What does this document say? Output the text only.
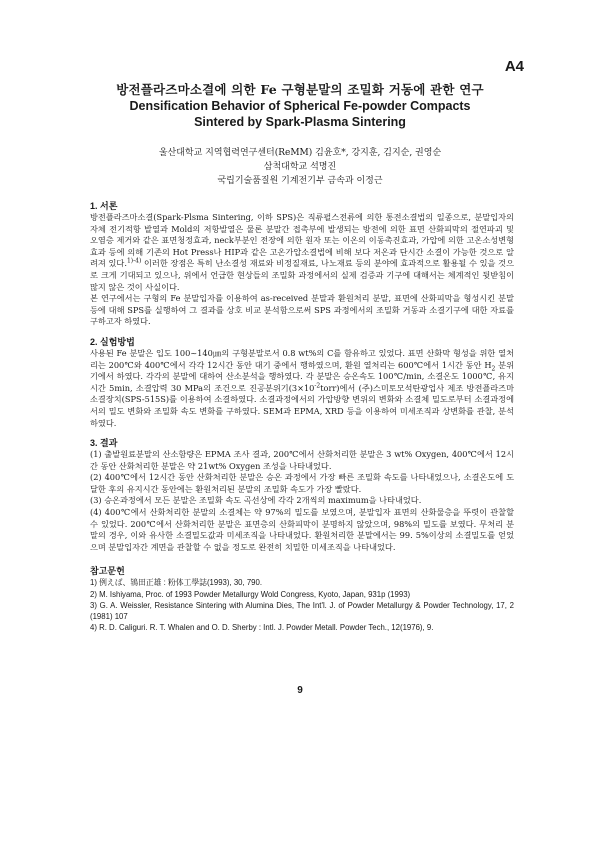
A4
방전플라즈마소결에 의한 Fe 구형분말의 조밀화 거동에 관한 연구
Densification Behavior of Spherical Fe-powder Compacts
Sintered by Spark-Plasma Sintering
울산대학교 지역협력연구센터(ReMM) 김윤호*, 강지훈, 김지순, 권영순
삼척대학교 석명진
국립기술품질원 기계전기부 금속과 이정근
1. 서론

방전플라즈마소결(Spark-Plsma Sintering, 이하 SPS)은 직류펄스전류에 의한 통전소결법의 일종으로, 분말입자의 자체 전기적항 발열과 Mold의 저항발열은 물론 분말간 접촉부에 발생되는 방전에 의한 표면 산화피막의 절연파괴 및 오염층 제거와 같은 표면청정효과, neck부분인 전장에 의한 원자 또는 이온의 이동촉진효과, 가압에 의한 고온소성변형효과 등에 의해 기존의 Hot Press나 HIP과 같은 고온가압소결법에 비해 보다 저온과 단시간 소결이 가능한 것으로 알려져 있다.$^{1)-4)}$ 이러한 장점은 특히 난소결성 재료와 비정질재료, 나노재료 등의 분야에 효과적으로 활용될 수 있을 것으로 크게 기대되고 있으나, 위에서 언급한 현상들의 조밀화 과정에서의 실제 검증과 기구에 대해서는 체계적인 뒷받침이 많지 않은 것이 사실이다.

본 연구에서는 구형의 Fe 분말입자를 이용하여 as-received 분말과 환원처리 분말, 표면에 산화피막을 형성시킨 분말 등에 대해 SPS를 실행하여 그 결과를 상호 비교 분석함으로써 SPS 과정에서의 조밀화 거동과 소결기구에 대한 자료를 구하고자 하였다.

2. 실험방법

사용된 Fe 분말은 입도 100~140㎛의 구형분말로서 0.8 wt%의 C를 함유하고 있었다. 표면 산화막 형성을 위한 열처리는 200℃와 400℃에서 각각 12시간 동안 대기 중에서 행하였으며, 환원 열처리는 600℃에서 1시간 동안 $H_2$ 분위기에서 하였다. 각각의 분말에 대하여 산소분석을 행하였다. 각 분말은 승온속도 100℃/min, 소결온도 1000℃, 유지시간 5min, 소결압력 30 MPa의 조건으로 진공분위기$(3\times 10^{-2}torr)$에서 (주)스미토모석탄광업사 제조 방전플라즈마소결장치(SPS-515S)를 이용하여 소결하였다. 소결과정에서의 가압방향 변위의 변화와 소결체 밀도로부터 소결과정에서의 밀도 변화와 조밀화 속도 변화를 구하였다. SEM과 EPMA, XRD 등을 이용하여 미세조직과 상변화를 관찰, 분석하였다.

3. 결과

(1) 출발원료분말의 산소함량은 EPMA 조사 결과, 200℃에서 산화처리한 분말은 3 wt% Oxygen, 400℃에서 12시간 동안 산화처리한 분말은 약 21wt% Oxygen 조성을 나타내었다.

(2) 400℃에서 12시간 동안 산화처리한 분말은 승온 과정에서 가장 빠른 조밀화 속도를 나타내었으나, 소결온도에 도달한 후의 유지시간 동안에는 환원처리된 분말의 조밀화 속도가 가장 빨랐다.

(3) 승온과정에서 모든 분말은 조밀화 속도 곡선상에 각각 2개씩의 maximum을 나타내었다.

(4) 400℃에서 산화처리한 분말의 소결체는 약 97%의 밀도를 보였으며, 분말입자 표면의 산화물층을 뚜렷이 관찰할 수 있었다. 200℃에서 산화처리한 분말은 표면층의 산화피막이 분명하지 않았으며, 98%의 밀도를 보였다. 무처리 분말의 경우, 이와 유사한 소결밀도값과 미세조직을 나타내었다. 환원처리한 분말에서는 99. 5%이상의 소결밀도를 얻었으며 분말입자간 계면을 관찰할 수 없을 정도로 완전히 치밀한 미세조직을 나타내었다.

참고문헌

1) 例えば、鴇田正雄 : 粉体工學誌(1993), 30, 790.

2) M. Ishiyama, Proc. of 1993 Powder Metallurgy Wold Congress, Kyoto, Japan, 931p (1993)

3) G. A. Weissler, Resistance Sintering with Alumina Dies, The Int'l. J. of Powder Metallurgy & Powder Technology, 17, 2 (1981) 107

4) R. D. Caliguri. R. T. Whalen and O. D. Sherby : Intl. J. Powder Metall. Powder Tech., 12(1976), 9.

9
